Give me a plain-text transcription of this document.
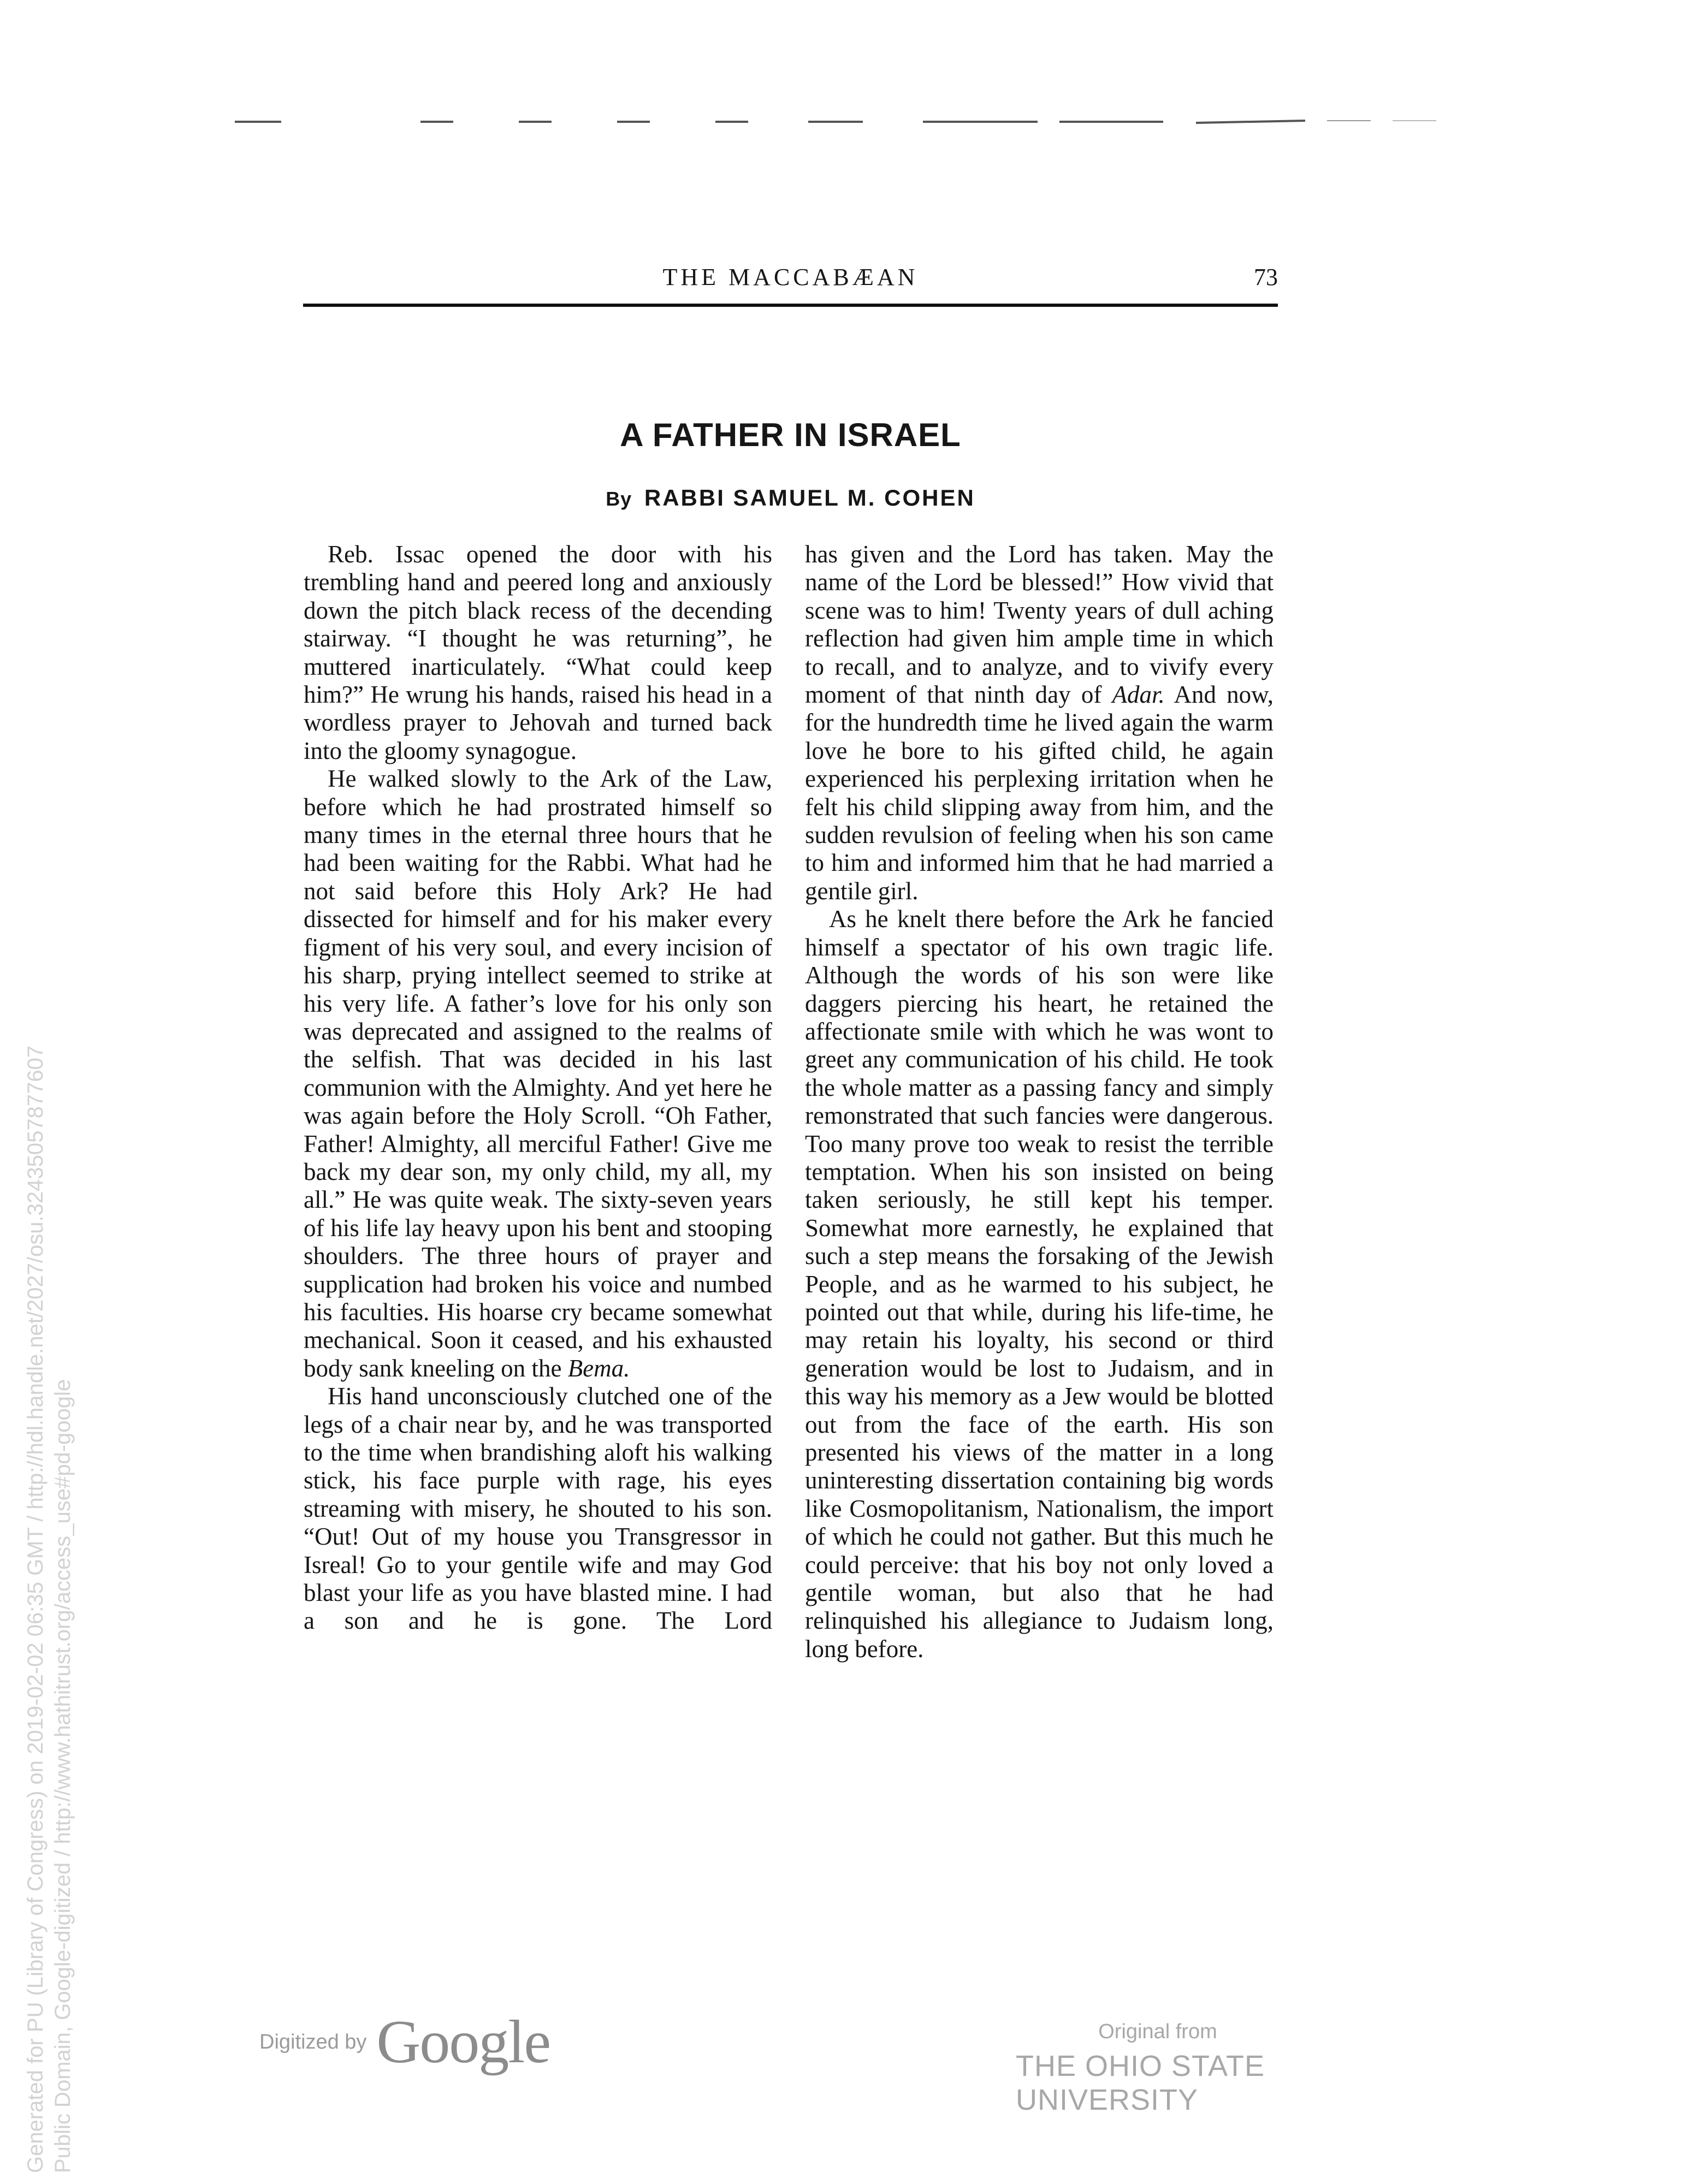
THE MACCABÆAN	73
A FATHER IN ISRAEL
By RABBI SAMUEL M. COHEN

Reb. Issac opened the door with his trembling hand and peered long and anxiously down the pitch black recess of the decending stairway. “I thought he was returning”, he muttered inarticulately. “What could keep him?” He wrung his hands, raised his head in a wordless prayer to Jehovah and turned back into the gloomy synagogue.

He walked slowly to the Ark of the Law, before which he had prostrated himself so many times in the eternal three hours that he had been waiting for the Rabbi. What had he not said before this Holy Ark? He had dissected for himself and for his maker every figment of his very soul, and every incision of his sharp, prying intellect seemed to strike at his very life. A father’s love for his only son was deprecated and assigned to the realms of the selfish. That was decided in his last communion with the Almighty. And yet here he was again before the Holy Scroll. “Oh Father, Father! Almighty, all merciful Father! Give me back my dear son, my only child, my all, my all.” He was quite weak. The sixty-seven years of his life lay heavy upon his bent and stooping shoulders. The three hours of prayer and supplication had broken his voice and numbed his faculties. His hoarse cry became somewhat mechanical. Soon it ceased, and his exhausted body sank kneeling on the Bema.

His hand unconsciously clutched one of the legs of a chair near by, and he was transported to the time when brandishing aloft his walking stick, his face purple with rage, his eyes streaming with misery, he shouted to his son. “Out! Out of my house you Transgressor in Isreal! Go to your gentile wife and may God blast your life as you have blasted mine. I had a son and he is gone. The Lord

has given and the Lord has taken. May the name of the Lord be blessed!” How vivid that scene was to him! Twenty years of dull aching reflection had given him ample time in which to recall, and to analyze, and to vivify every moment of that ninth day of Adar. And now, for the hundredth time he lived again the warm love he bore to his gifted child, he again experienced his perplexing irritation when he felt his child slipping away from him, and the sudden revulsion of feeling when his son came to him and informed him that he had married a gentile girl.

As he knelt there before the Ark he fancied himself a spectator of his own tragic life. Although the words of his son were like daggers piercing his heart, he retained the affectionate smile with which he was wont to greet any communication of his child. He took the whole matter as a passing fancy and simply remonstrated that such fancies were dangerous. Too many prove too weak to resist the terrible temptation. When his son insisted on being taken seriously, he still kept his temper. Somewhat more earnestly, he explained that such a step means the forsaking of the Jewish People, and as he warmed to his subject, he pointed out that while, during his life-time, he may retain his loyalty, his second or third generation would be lost to Judaism, and in this way his memory as a Jew would be blotted out from the face of the earth. His son presented his views of the matter in a long uninteresting dissertation containing big words like Cosmopolitanism, Nationalism, the import of which he could not gather. But this much he could perceive: that his boy not only loved a gentile woman, but also that he had relinquished his allegiance to Judaism long, long before.

Generated for PU (Library of Congress) on 2019-02-02 06:35 GMT / http://hdl.handle.net/2027/osu.32435057877607 Public Domain, Google-digitized / http://www.hathitrust.org/access_use#pd-google	Digitized by Google	Original from
THE OHIO STATE UNIVERSITY
